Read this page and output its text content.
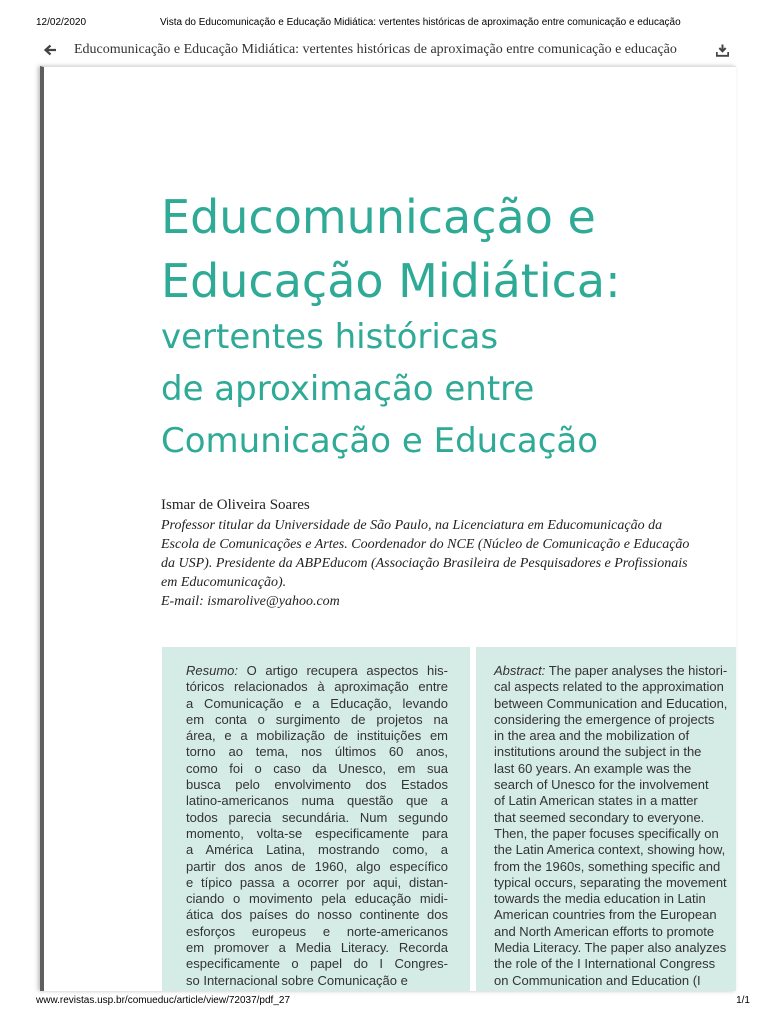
12/02/2020	Vista do Educomunicação e Educação Midiática: vertentes históricas de aproximação entre comunicação e educação
Educomunicação e Educação Midiática: vertentes históricas de aproximação entre comunicação e educação
Educomunicação e
Educação Midiática:
vertentes históricas
de aproximação entre
Comunicação e Educação
Ismar de Oliveira Soares
Professor titular da Universidade de São Paulo, na Licenciatura em Educomunicação da
Escola de Comunicações e Artes. Coordenador do NCE (Núcleo de Comunicação e Educação
da USP). Presidente da ABPEducom (Associação Brasileira de Pesquisadores e Profissionais
em Educomunicação).
E-mail: ismarolive@yahoo.com
Resumo: O artigo recupera aspectos his-
tóricos relacionados à aproximação entre
a Comunicação e a Educação, levando
em conta o surgimento de projetos na
área, e a mobilização de instituições em
torno ao tema, nos últimos 60 anos,
como foi o caso da Unesco, em sua
busca pelo envolvimento dos Estados
latino-americanos numa questão que a
todos parecia secundária. Num segundo
momento, volta-se especificamente para
a América Latina, mostrando como, a
partir dos anos de 1960, algo específico
e típico passa a ocorrer por aqui, distan-
ciando o movimento pela educação midi-
ática dos países do nosso continente dos
esforços europeus e norte-americanos
em promover a Media Literacy. Recorda
especificamente o papel do I Congres-
so Internacional sobre Comunicação e
Abstract: The paper analyses the histori-
cal aspects related to the approximation
between Communication and Education,
considering the emergence of projects
in the area and the mobilization of
institutions around the subject in the
last 60 years. An example was the
search of Unesco for the involvement
of Latin American states in a matter
that seemed secondary to everyone.
Then, the paper focuses specifically on
the Latin America context, showing how,
from the 1960s, something specific and
typical occurs, separating the movement
towards the media education in Latin
American countries from the European
and North American efforts to promote
Media Literacy. The paper also analyzes
the role of the I International Congress
on Communication and Education (I
www.revistas.usp.br/comueduc/article/view/72037/pdf_27	1/1
